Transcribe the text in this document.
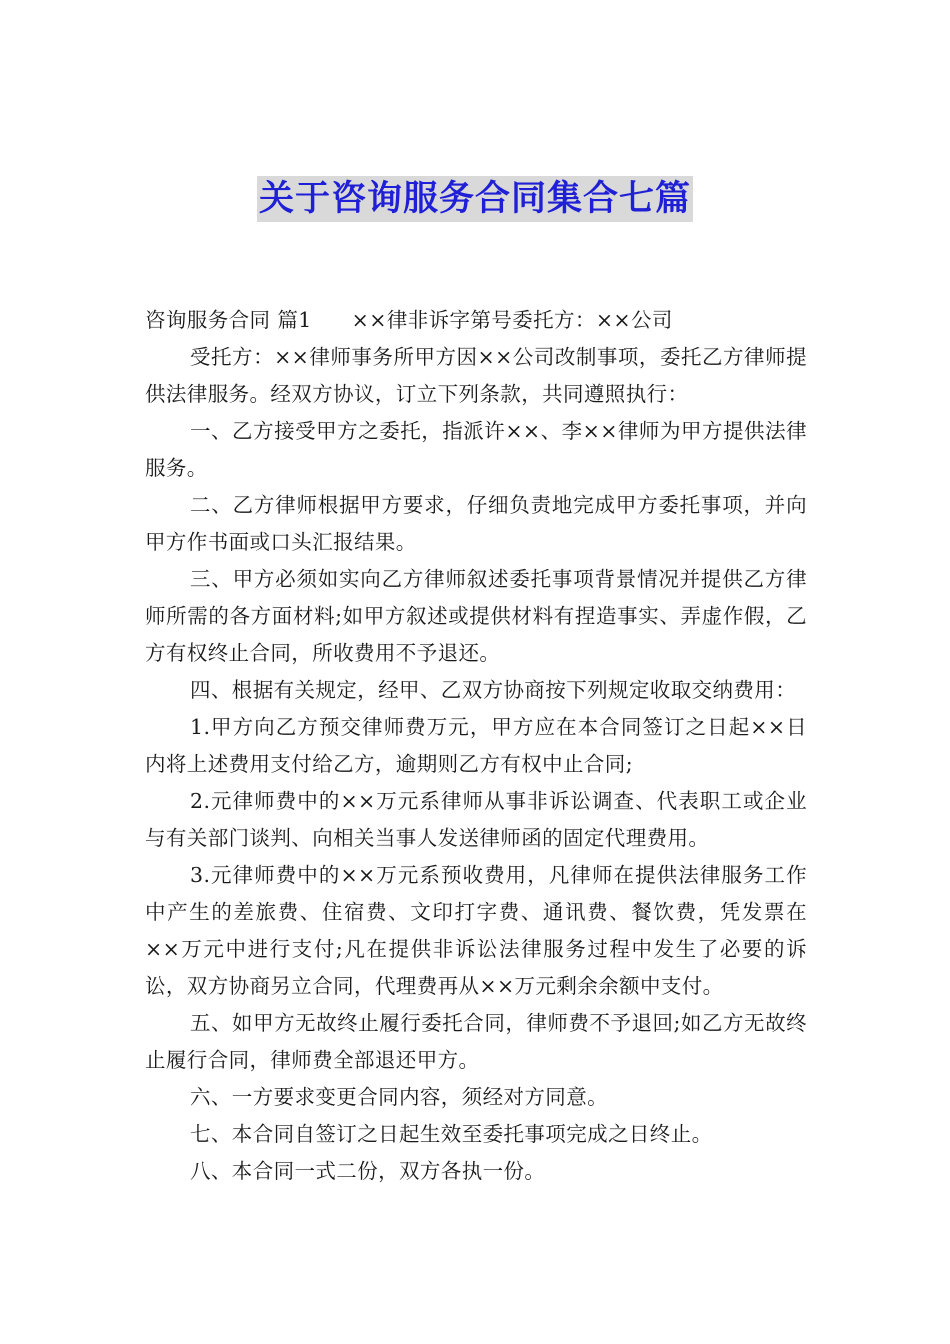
关于咨询服务合同集合七篇

咨询服务合同 篇1 ××律非诉字第号委托方：××公司

受托方：××律师事务所甲方因××公司改制事项，委托乙方律师提供法律服务。经双方协议，订立下列条款，共同遵照执行：

一、乙方接受甲方之委托，指派许××、李××律师为甲方提供法律服务。

二、乙方律师根据甲方要求，仔细负责地完成甲方委托事项，并向甲方作书面或口头汇报结果。

三、甲方必须如实向乙方律师叙述委托事项背景情况并提供乙方律师所需的各方面材料;如甲方叙述或提供材料有捏造事实、弄虚作假，乙方有权终止合同，所收费用不予退还。

四、根据有关规定，经甲、乙双方协商按下列规定收取交纳费用：

1.甲方向乙方预交律师费万元，甲方应在本合同签订之日起××日内将上述费用支付给乙方，逾期则乙方有权中止合同;

2.元律师费中的××万元系律师从事非诉讼调查、代表职工或企业与有关部门谈判、向相关当事人发送律师函的固定代理费用。

3.元律师费中的××万元系预收费用，凡律师在提供法律服务工作中产生的差旅费、住宿费、文印打字费、通讯费、餐饮费，凭发票在××万元中进行支付;凡在提供非诉讼法律服务过程中发生了必要的诉讼，双方协商另立合同，代理费再从××万元剩余余额中支付。

五、如甲方无故终止履行委托合同，律师费不予退回;如乙方无故终止履行合同，律师费全部退还甲方。

六、一方要求变更合同内容，须经对方同意。

七、本合同自签订之日起生效至委托事项完成之日终止。

八、本合同一式二份，双方各执一份。
